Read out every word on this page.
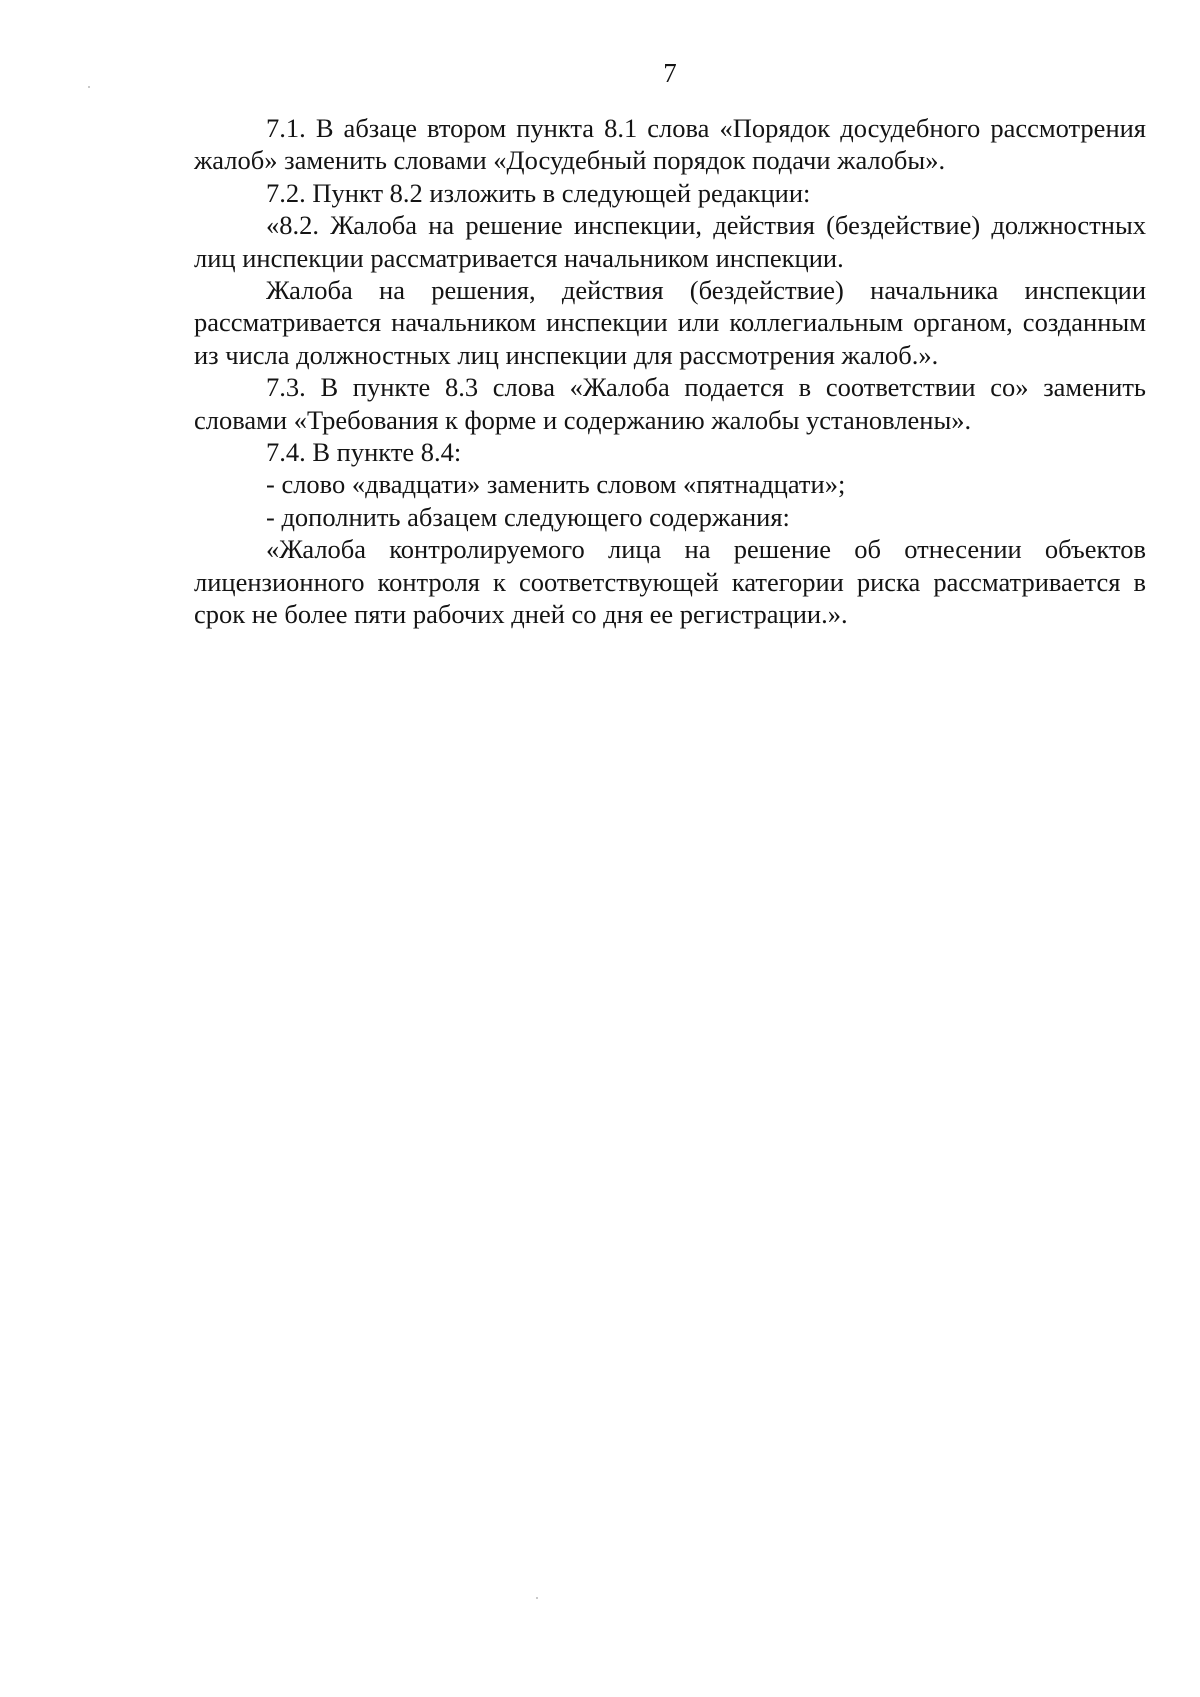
7

7.1. В абзаце втором пункта 8.1 слова «Порядок досудебного рассмотрения жалоб» заменить словами «Досудебный порядок подачи жалобы».

7.2. Пункт 8.2 изложить в следующей редакции:

«8.2. Жалоба на решение инспекции, действия (бездействие) должностных лиц инспекции рассматривается начальником инспекции.

Жалоба на решения, действия (бездействие) начальника инспекции рассматривается начальником инспекции или коллегиальным органом, созданным из числа должностных лиц инспекции для рассмотрения жалоб.».

7.3. В пункте 8.3 слова «Жалоба подается в соответствии со» заменить словами «Требования к форме и содержанию жалобы установлены».

7.4. В пункте 8.4:

- слово «двадцати» заменить словом «пятнадцати»;

- дополнить абзацем следующего содержания:

«Жалоба контролируемого лица на решение об отнесении объектов лицензионного контроля к соответствующей категории риска рассматривается в срок не более пяти рабочих дней со дня ее регистрации.».
